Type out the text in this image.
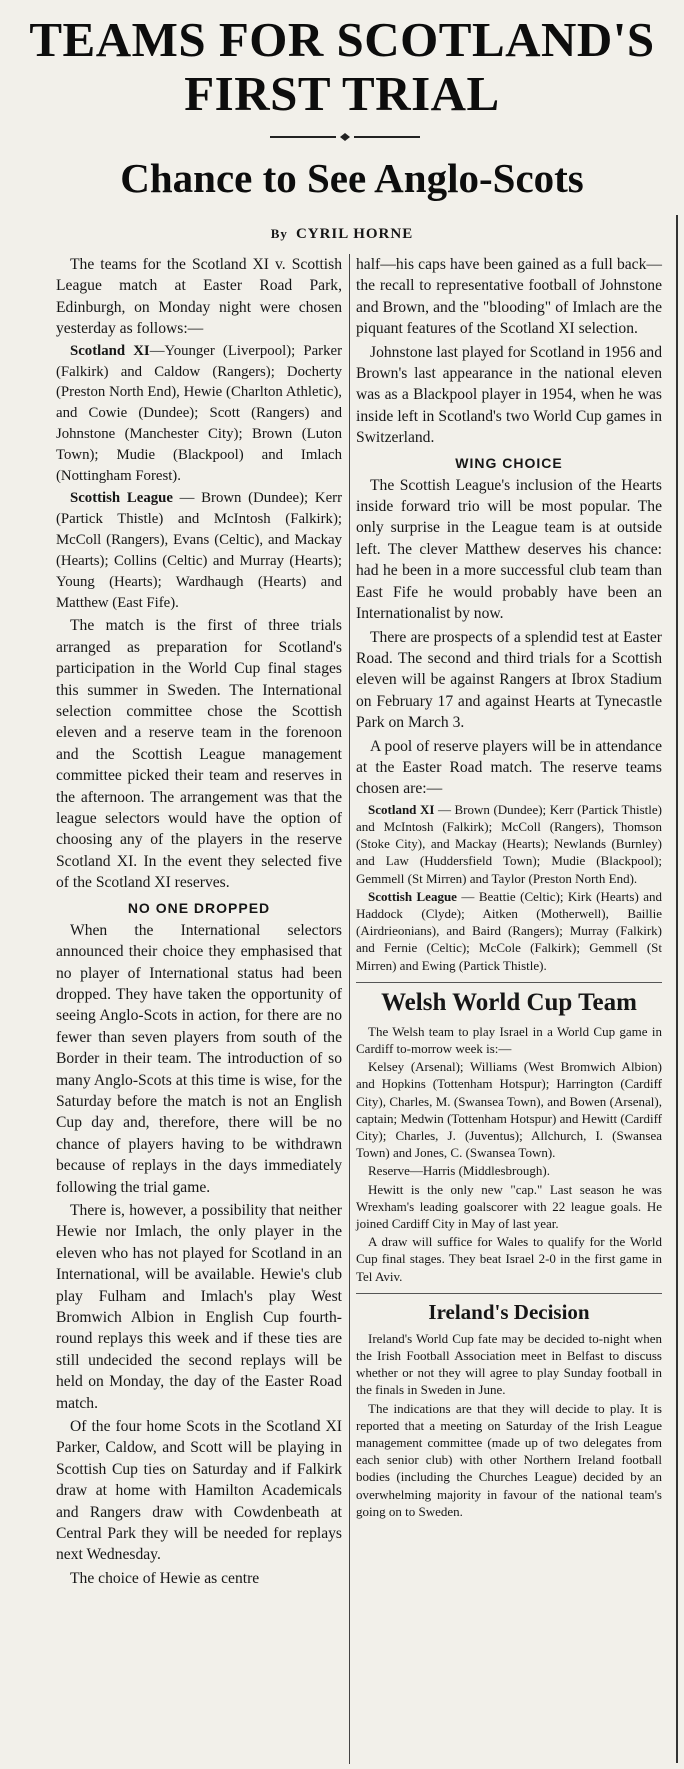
TEAMS FOR SCOTLAND'S
FIRST TRIAL
Chance to See Anglo-Scots
By CYRIL HORNE

The teams for the Scotland XI v. Scottish League match at Easter Road Park, Edinburgh, on Monday night were chosen yesterday as follows:—

Scotland XI—Younger (Liverpool); Parker (Falkirk) and Caldow (Rangers); Docherty (Preston North End), Hewie (Charlton Athletic), and Cowie (Dundee); Scott (Rangers) and Johnstone (Manchester City); Brown (Luton Town); Mudie (Blackpool) and Imlach (Nottingham Forest).

Scottish League — Brown (Dundee); Kerr (Partick Thistle) and McIntosh (Falkirk); McColl (Rangers), Evans (Celtic), and Mackay (Hearts); Collins (Celtic) and Murray (Hearts); Young (Hearts); Wardhaugh (Hearts) and Matthew (East Fife).

The match is the first of three trials arranged as preparation for Scotland's participation in the World Cup final stages this summer in Sweden. The International selection committee chose the Scottish eleven and a reserve team in the forenoon and the Scottish League management committee picked their team and reserves in the afternoon. The arrangement was that the league selectors would have the option of choosing any of the players in the reserve Scotland XI. In the event they selected five of the Scotland XI reserves.

NO ONE DROPPED

When the International selectors announced their choice they emphasised that no player of International status had been dropped. They have taken the opportunity of seeing Anglo-Scots in action, for there are no fewer than seven players from south of the Border in their team. The introduction of so many Anglo-Scots at this time is wise, for the Saturday before the match is not an English Cup day and, therefore, there will be no chance of players having to be withdrawn because of replays in the days immediately following the trial game.

There is, however, a possibility that neither Hewie nor Imlach, the only player in the eleven who has not played for Scotland in an International, will be available. Hewie's club play Fulham and Imlach's play West Bromwich Albion in English Cup fourth-round replays this week and if these ties are still undecided the second replays will be held on Monday, the day of the Easter Road match.

Of the four home Scots in the Scotland XI Parker, Caldow, and Scott will be playing in Scottish Cup ties on Saturday and if Falkirk draw at home with Hamilton Academicals and Rangers draw with Cowdenbeath at Central Park they will be needed for replays next Wednesday.

The choice of Hewie as centre

half—his caps have been gained as a full back—the recall to representative football of Johnstone and Brown, and the "blooding" of Imlach are the piquant features of the Scotland XI selection.

Johnstone last played for Scotland in 1956 and Brown's last appearance in the national eleven was as a Blackpool player in 1954, when he was inside left in Scotland's two World Cup games in Switzerland.

WING CHOICE

The Scottish League's inclusion of the Hearts inside forward trio will be most popular. The only surprise in the League team is at outside left. The clever Matthew deserves his chance: had he been in a more successful club team than East Fife he would probably have been an Internationalist by now.

There are prospects of a splendid test at Easter Road. The second and third trials for a Scottish eleven will be against Rangers at Ibrox Stadium on February 17 and against Hearts at Tynecastle Park on March 3.

A pool of reserve players will be in attendance at the Easter Road match. The reserve teams chosen are:—

Scotland XI — Brown (Dundee); Kerr (Partick Thistle) and McIntosh (Falkirk); McColl (Rangers), Thomson (Stoke City), and Mackay (Hearts); Newlands (Burnley) and Law (Huddersfield Town); Mudie (Blackpool); Gemmell (St Mirren) and Taylor (Preston North End).

Scottish League — Beattie (Celtic); Kirk (Hearts) and Haddock (Clyde); Aitken (Motherwell), Baillie (Airdrieonians), and Baird (Rangers); Murray (Falkirk) and Fernie (Celtic); McCole (Falkirk); Gemmell (St Mirren) and Ewing (Partick Thistle).

Welsh World Cup Team

The Welsh team to play Israel in a World Cup game in Cardiff to-morrow week is:—

Kelsey (Arsenal); Williams (West Bromwich Albion) and Hopkins (Tottenham Hotspur); Harrington (Cardiff City), Charles, M. (Swansea Town), and Bowen (Arsenal), captain; Medwin (Tottenham Hotspur) and Hewitt (Cardiff City); Charles, J. (Juventus); Allchurch, I. (Swansea Town) and Jones, C. (Swansea Town).

Reserve—Harris (Middlesbrough).

Hewitt is the only new "cap." Last season he was Wrexham's leading goalscorer with 22 league goals. He joined Cardiff City in May of last year.

A draw will suffice for Wales to qualify for the World Cup final stages. They beat Israel 2-0 in the first game in Tel Aviv.

Ireland's Decision

Ireland's World Cup fate may be decided to-night when the Irish Football Association meet in Belfast to discuss whether or not they will agree to play Sunday football in the finals in Sweden in June.

The indications are that they will decide to play. It is reported that a meeting on Saturday of the Irish League management committee (made up of two delegates from each senior club) with other Northern Ireland football bodies (including the Churches League) decided by an overwhelming majority in favour of the national team's going on to Sweden.
